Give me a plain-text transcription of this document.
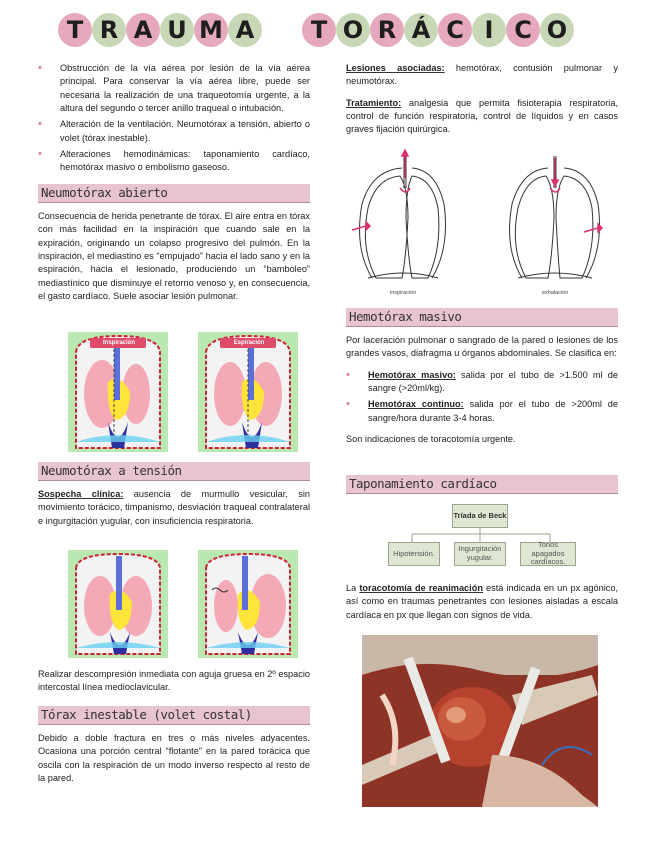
T R A U M A	T O R Á C I C O
• Obstrucción de la vía aérea por lesión de la vía aérea principal. Para conservar la vía aérea libre, puede ser necesaria la realización de una traqueotomía urgente, a la altura del segundo o tercer anillo traqueal o intubación.
• Alteración de la ventilación. Neumotórax a tensión, abierto o volet (tórax inestable).
• Alteraciones hemodinámicas: taponamiento cardíaco, hemotórax masivo o embolismo gaseoso.
Neumotórax abierto

Consecuencia de herida penetrante de tórax. El aire entra en tórax con más facilidad en la inspiración que cuando sale en la expiración, originando un colapso progresivo del pulmón. En la inspiración, el mediastino es “empujado” hacia el lado sano y en la espiración, hacia el lesionado, produciendo un “bamboleo” mediastínico que disminuye el retorno venoso y, en consecuencia, el gasto cardíaco. Suele asociar lesión pulmonar.

Inspiración	Espiración
Neumotórax a tensión

Sospecha clínica: ausencia de murmullo vesicular, sin movimiento torácico, timpanismo, desviación traqueal contralateral e ingurgitación yugular, con insuficiencia respiratoria.

Realizar descompresión inmediata con aguja gruesa en 2º espacio intercostal línea medioclavicular.

Tórax inestable (volet costal)

Debido a doble fractura en tres o más niveles adyacentes. Ocasiona una porción central “flotante” en la pared torácica que oscila con la respiración de un modo inverso respecto al resto de la pared.

Lesiones asociadas: hemotórax, contusión pulmonar y neumotórax.

Tratamiento: analgesia que permita fisioterapia respiratoria, control de función respiratoria, control de líquidos y en casos graves fijación quirúrgica.

inspiración	exhalación
Hemotórax masivo

Por laceración pulmonar o sangrado de la pared o lesiones de los grandes vasos, diafragma u órganos abdominales. Se clasifica en:

• Hemotórax masivo: salida por el tubo de >1.500 ml de sangre (>20ml/kg).
• Hemotórax continuo: salida por el tubo de >200ml de sangre/hora durante 3-4 horas.

Son indicaciones de toracotomía urgente.

Taponamiento cardíaco
Tríada de Beck
Hipotensión.	Ingurgitación yugular.
Tonos apagados cardíacos.

La toracotomía de reanimación está indicada en un px agónico, así como en traumas penetrantes con lesiones aisladas a escala cardíaca en px que llegan con signos de vida.
